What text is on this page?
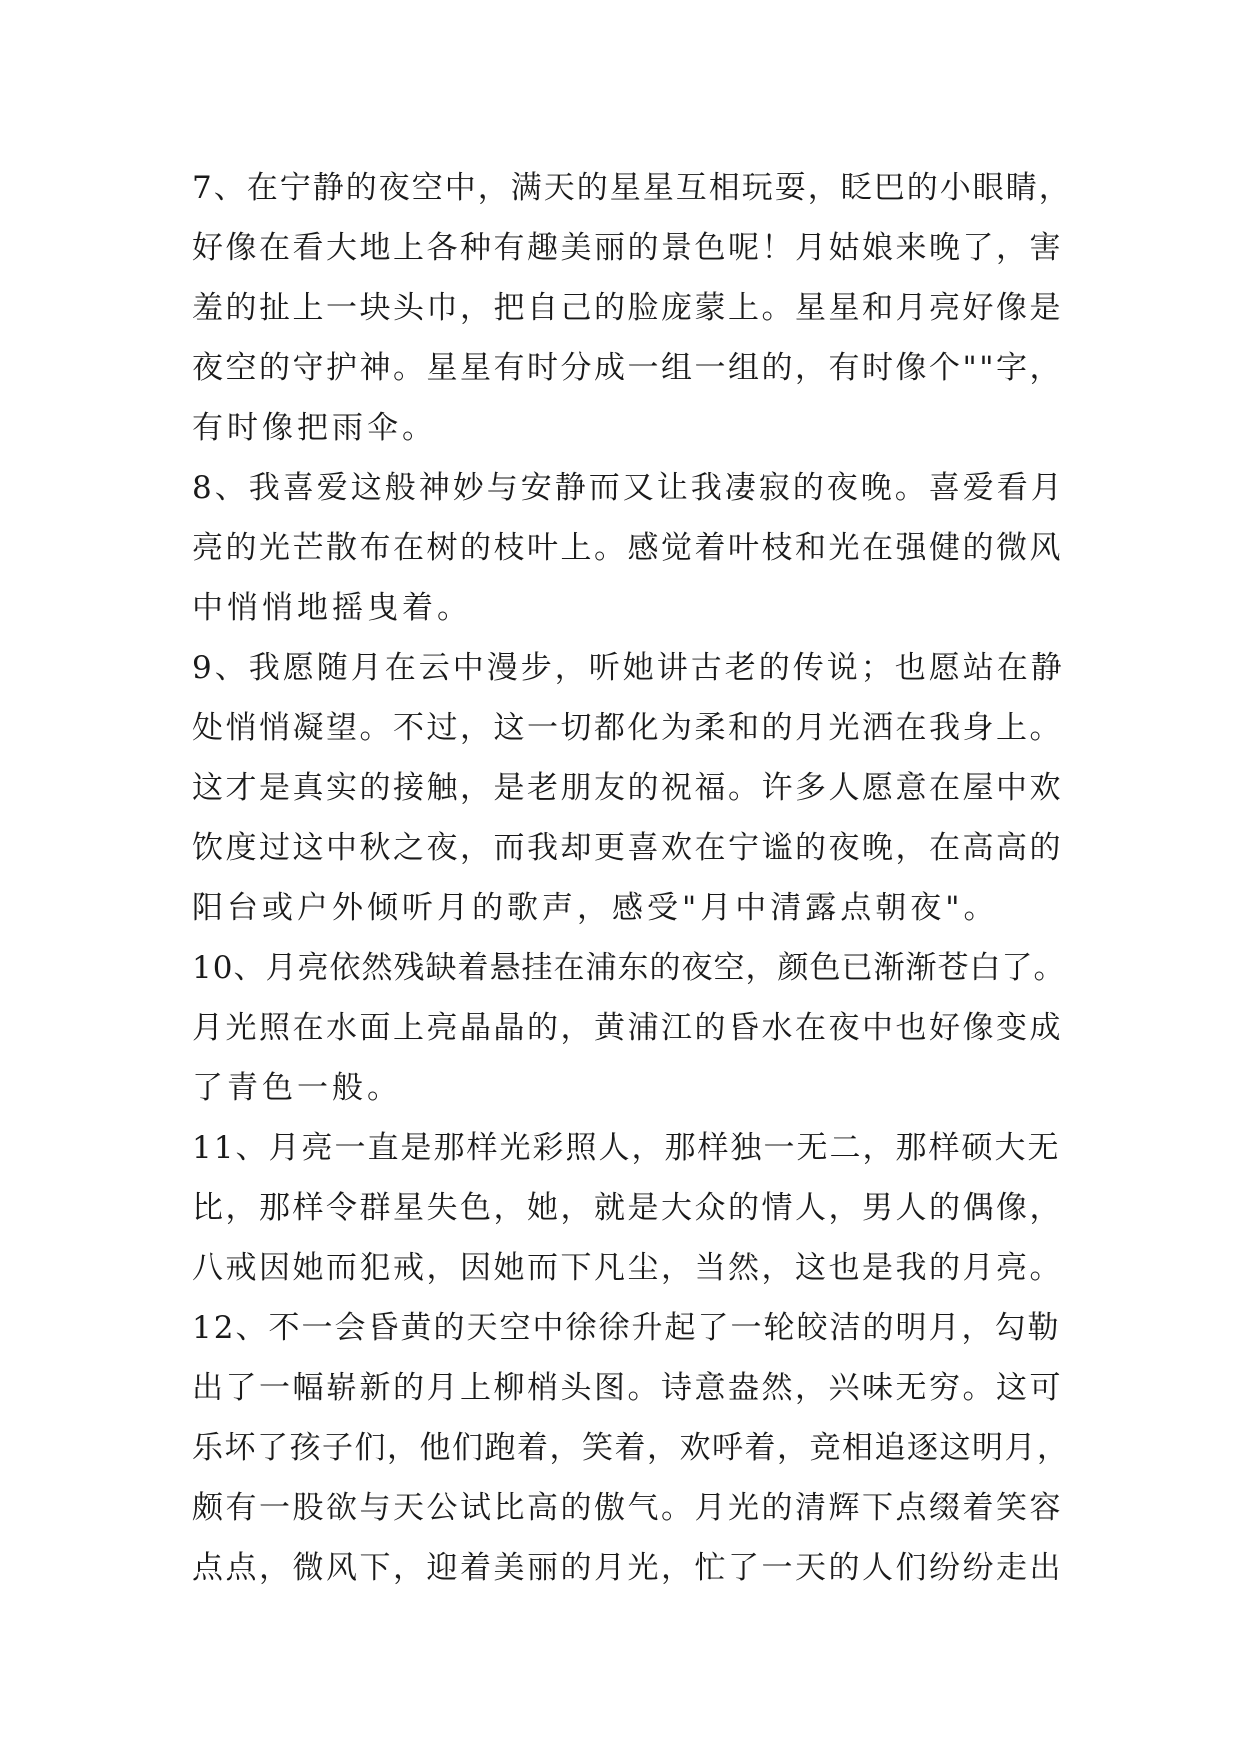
7、在宁静的夜空中，满天的星星互相玩耍，眨巴的小眼睛，
好像在看大地上各种有趣美丽的景色呢！月姑娘来晚了，害
羞的扯上一块头巾，把自己的脸庞蒙上。星星和月亮好像是
夜空的守护神。星星有时分成一组一组的，有时像个""字，
有时像把雨伞。
8、我喜爱这般神妙与安静而又让我凄寂的夜晚。喜爱看月
亮的光芒散布在树的枝叶上。感觉着叶枝和光在强健的微风
中悄悄地摇曳着。
9、我愿随月在云中漫步，听她讲古老的传说；也愿站在静
处悄悄凝望。不过，这一切都化为柔和的月光洒在我身上。
这才是真实的接触，是老朋友的祝福。许多人愿意在屋中欢
饮度过这中秋之夜，而我却更喜欢在宁谧的夜晚，在高高的
阳台或户外倾听月的歌声，感受"月中清露点朝夜"。
10、月亮依然残缺着悬挂在浦东的夜空，颜色已渐渐苍白了。
月光照在水面上亮晶晶的，黄浦江的昏水在夜中也好像变成
了青色一般。
11、月亮一直是那样光彩照人，那样独一无二，那样硕大无
比，那样令群星失色，她，就是大众的情人，男人的偶像，
八戒因她而犯戒，因她而下凡尘，当然，这也是我的月亮。
12、不一会昏黄的天空中徐徐升起了一轮皎洁的明月，勾勒
出了一幅崭新的月上柳梢头图。诗意盎然，兴味无穷。这可
乐坏了孩子们，他们跑着，笑着，欢呼着，竞相追逐这明月，
颇有一股欲与天公试比高的傲气。月光的清辉下点缀着笑容
点点，微风下，迎着美丽的月光，忙了一天的人们纷纷走出
